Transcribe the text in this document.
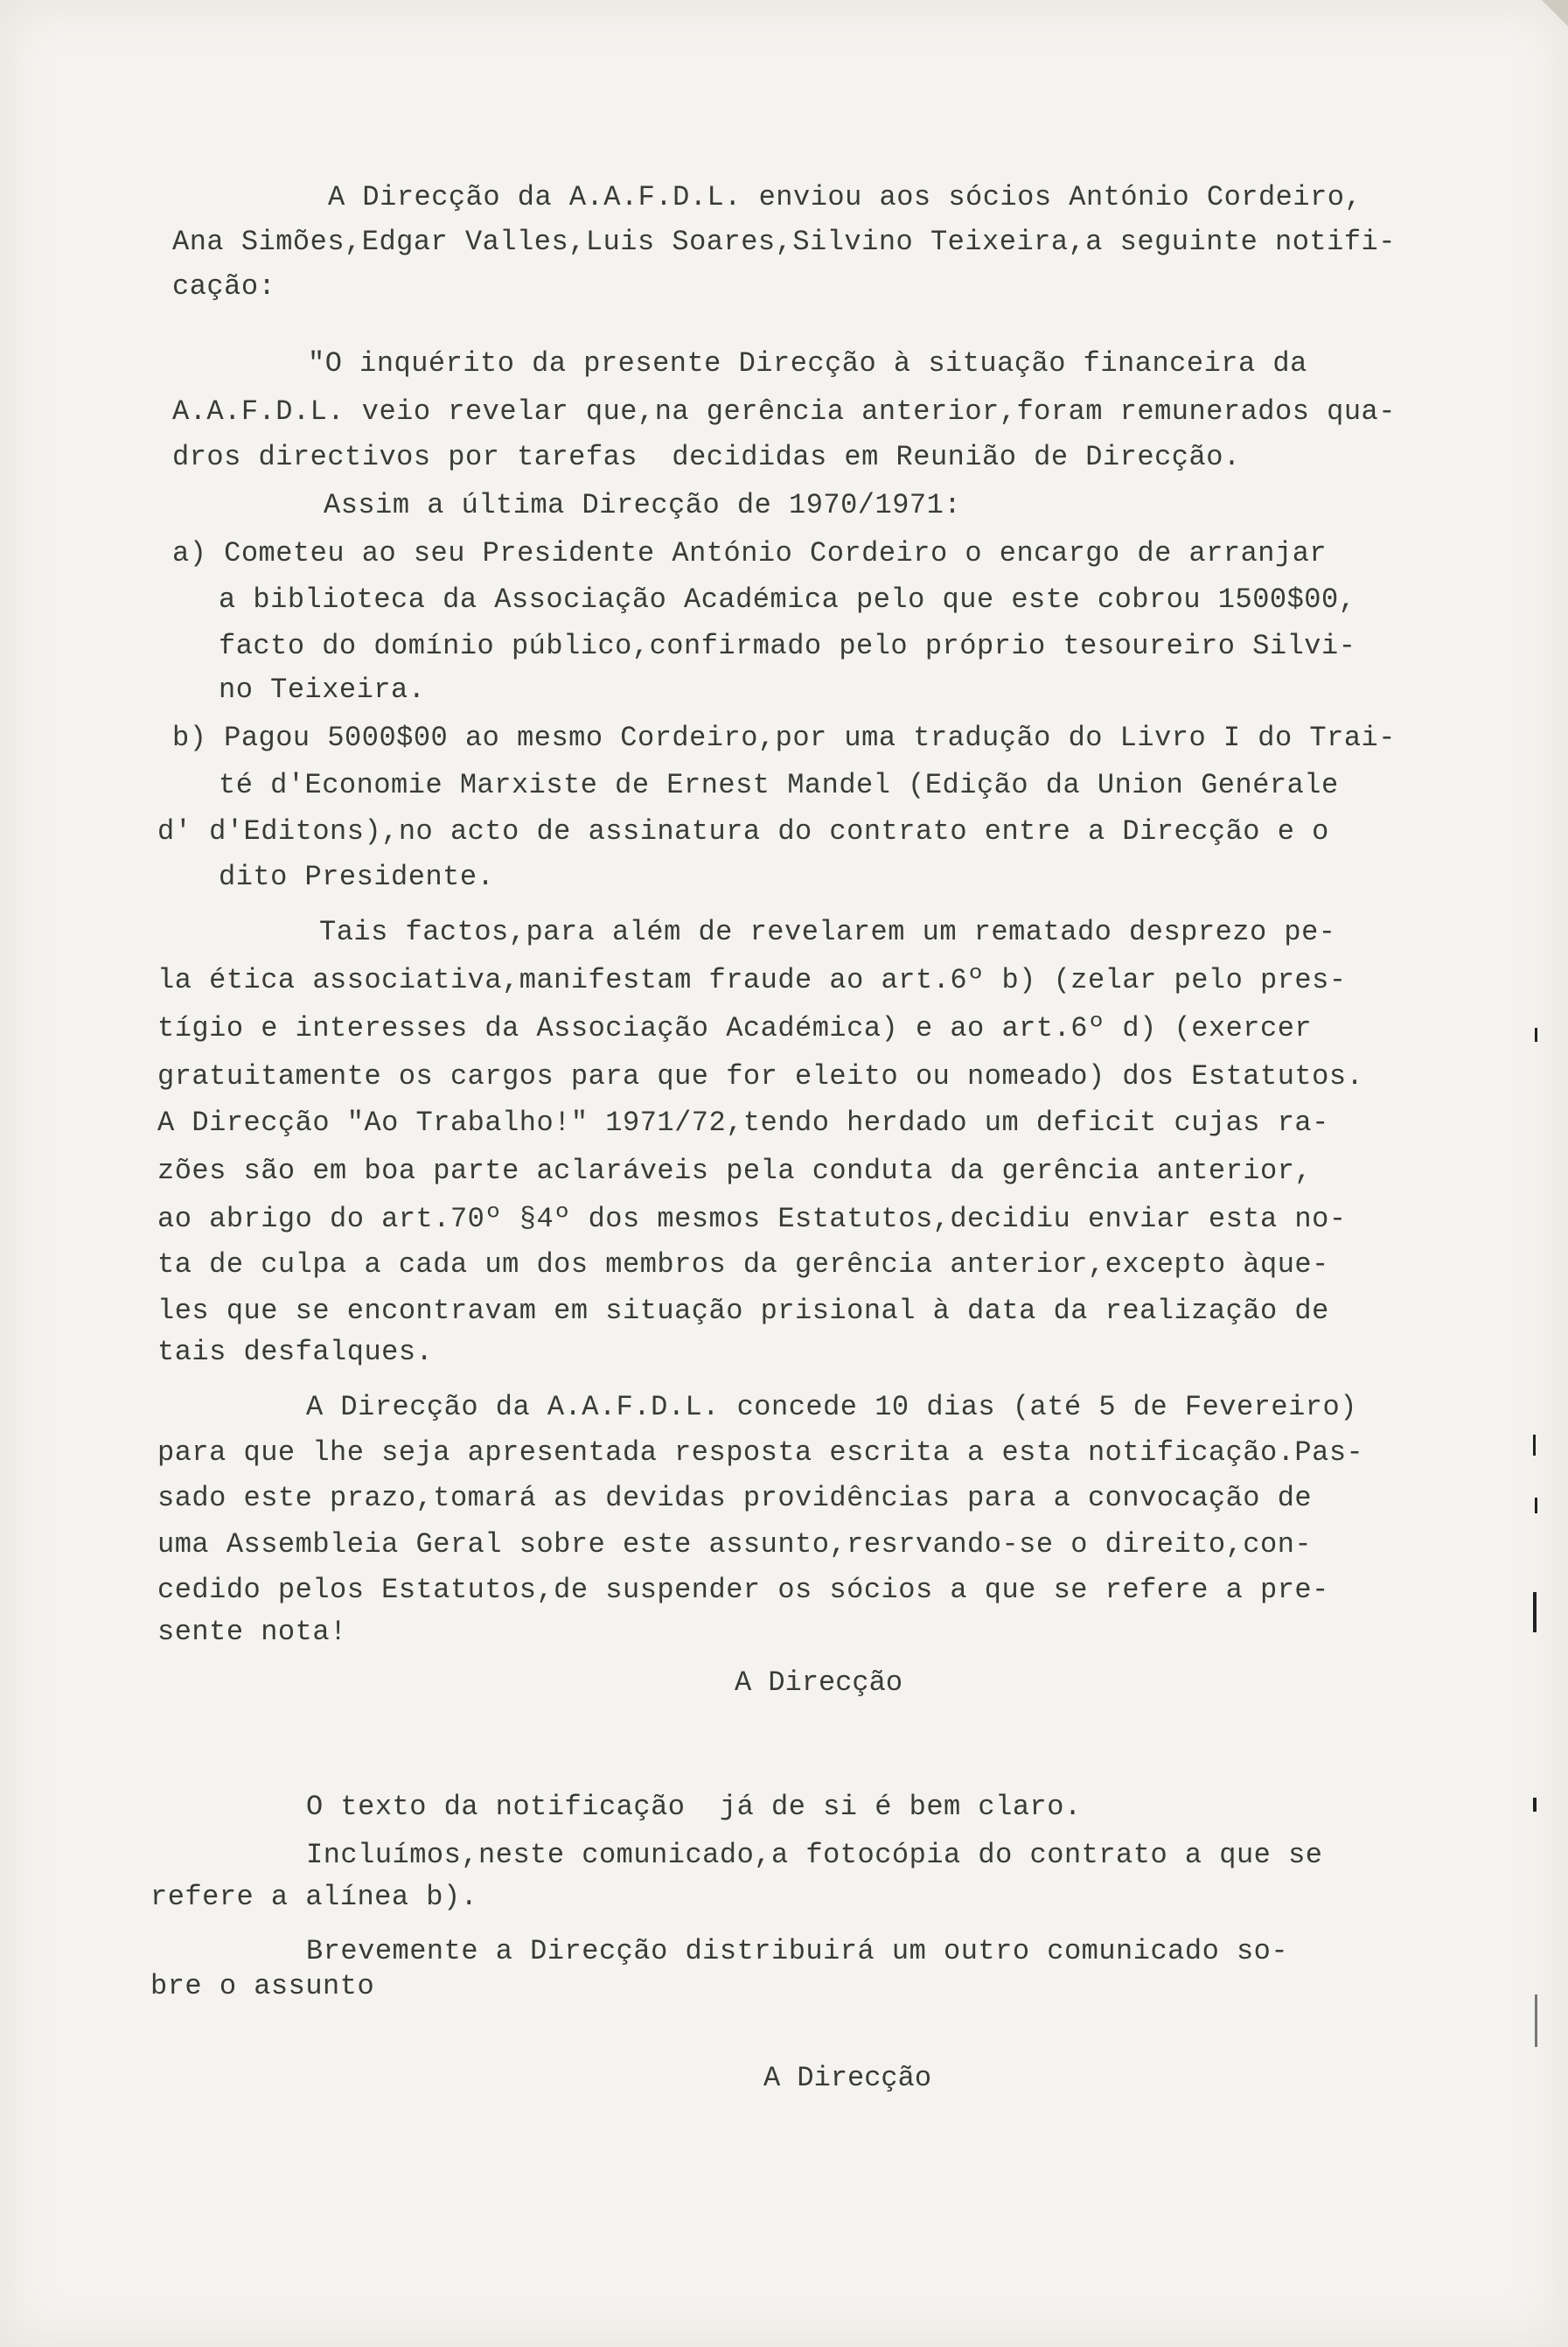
A Direcção da A.A.F.D.L. enviou aos sócios António Cordeiro,
Ana Simões,Edgar Valles,Luis Soares,Silvino Teixeira,a seguinte notifi-
cação:
"O inquérito da presente Direcção à situação financeira da
A.A.F.D.L. veio revelar que,na gerência anterior,foram remunerados qua-
dros directivos por tarefas  decididas em Reunião de Direcção.
Assim a última Direcção de 1970/1971:
a) Cometeu ao seu Presidente António Cordeiro o encargo de arranjar
a biblioteca da Associação Académica pelo que este cobrou 1500$00,
facto do domínio público,confirmado pelo próprio tesoureiro Silvi-
no Teixeira.
b) Pagou 5000$00 ao mesmo Cordeiro,por uma tradução do Livro I do Trai-
té d'Economie Marxiste de Ernest Mandel (Edição da Union Genérale
d' d'Editons),no acto de assinatura do contrato entre a Direcção e o
dito Presidente.
Tais factos,para além de revelarem um rematado desprezo pe-
la ética associativa,manifestam fraude ao art.6º b) (zelar pelo pres-
tígio e interesses da Associação Académica) e ao art.6º d) (exercer
gratuitamente os cargos para que for eleito ou nomeado) dos Estatutos.
A Direcção "Ao Trabalho!" 1971/72,tendo herdado um deficit cujas ra-
zões são em boa parte aclaráveis pela conduta da gerência anterior,
ao abrigo do art.70º §4º dos mesmos Estatutos,decidiu enviar esta no-
ta de culpa a cada um dos membros da gerência anterior,excepto àque-
les que se encontravam em situação prisional à data da realização de
tais desfalques.
A Direcção da A.A.F.D.L. concede 10 dias (até 5 de Fevereiro)
para que lhe seja apresentada resposta escrita a esta notificação.Pas-
sado este prazo,tomará as devidas providências para a convocação de
uma Assembleia Geral sobre este assunto,resrvando-se o direito,con-
cedido pelos Estatutos,de suspender os sócios a que se refere a pre-
sente nota!
A Direcção
O texto da notificação  já de si é bem claro.
Incluímos,neste comunicado,a fotocópia do contrato a que se
refere a alínea b).
Brevemente a Direcção distribuirá um outro comunicado so-
bre o assunto
A Direcção
